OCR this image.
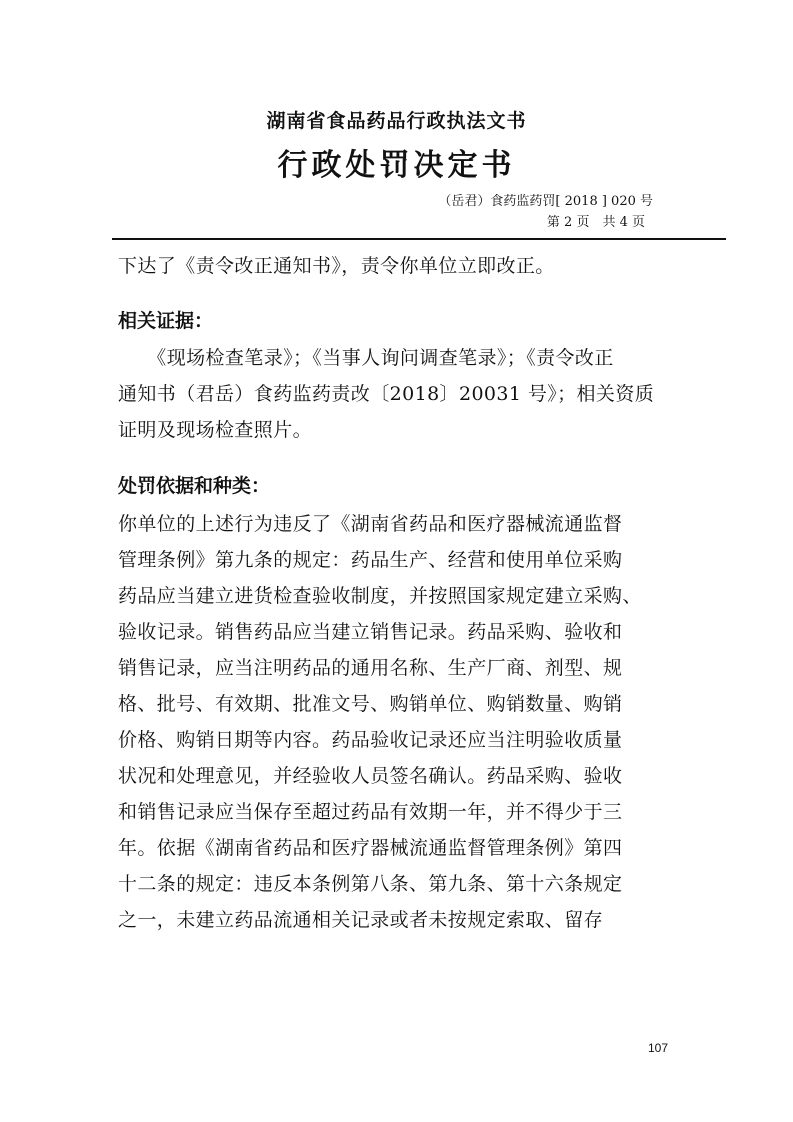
湖南省食品药品行政执法文书
行政处罚决定书
（岳君）食药监药罚[ 2018 ] 020 号
第 2 页　共 4 页
下达了《责令改正通知书》，责令你单位立即改正。
相关证据：
　　《现场检查笔录》；《当事人询问调查笔录》；《责令改正
通知书（君岳）食药监药责改〔2018〕20031 号》；相关资质
证明及现场检查照片。
处罚依据和种类：
你单位的上述行为违反了《湖南省药品和医疗器械流通监督
管理条例》第九条的规定：药品生产、经营和使用单位采购
药品应当建立进货检查验收制度，并按照国家规定建立采购、
验收记录。销售药品应当建立销售记录。药品采购、验收和
销售记录，应当注明药品的通用名称、生产厂商、剂型、规
格、批号、有效期、批准文号、购销单位、购销数量、购销
价格、购销日期等内容。药品验收记录还应当注明验收质量
状况和处理意见，并经验收人员签名确认。药品采购、验收
和销售记录应当保存至超过药品有效期一年，并不得少于三
年。依据《湖南省药品和医疗器械流通监督管理条例》第四
十二条的规定：违反本条例第八条、第九条、第十六条规定
之一，未建立药品流通相关记录或者未按规定索取、留存
107
